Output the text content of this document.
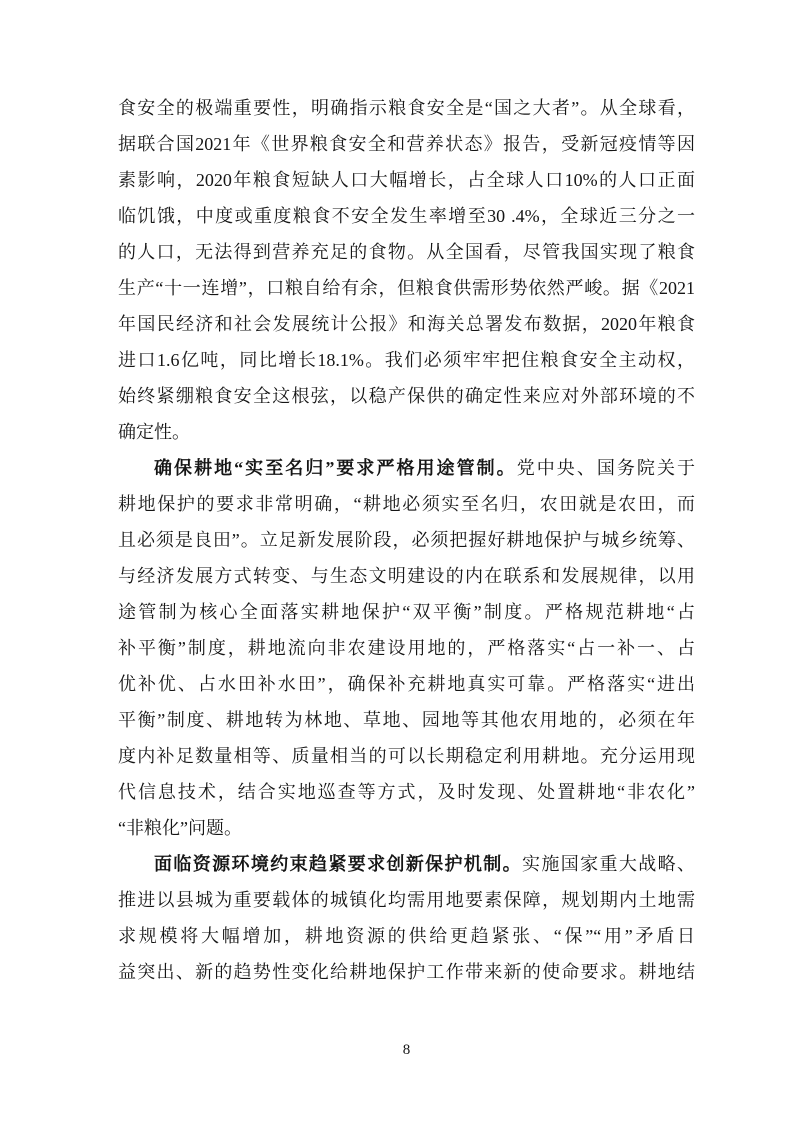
食安全的极端重要性，明确指示粮食安全是“国之大者”。从全球看，
据联合国2021年《世界粮食安全和营养状态》报告，受新冠疫情等因
素影响，2020年粮食短缺人口大幅增长，占全球人口10%的人口正面
临饥饿，中度或重度粮食不安全发生率增至30 .4%，全球近三分之一
的人口，无法得到营养充足的食物。从全国看，尽管我国实现了粮食
生产“十一连增”，口粮自给有余，但粮食供需形势依然严峻。据《2021
年国民经济和社会发展统计公报》和海关总署发布数据，2020年粮食
进口1.6亿吨，同比增长18.1%。我们必须牢牢把住粮食安全主动权，
始终紧绷粮食安全这根弦，以稳产保供的确定性来应对外部环境的不
确定性。
确保耕地“实至名归”要求严格用途管制。党中央、国务院关于
耕地保护的要求非常明确，“耕地必须实至名归，农田就是农田，而
且必须是良田”。立足新发展阶段，必须把握好耕地保护与城乡统筹、
与经济发展方式转变、与生态文明建设的内在联系和发展规律，以用
途管制为核心全面落实耕地保护“双平衡”制度。严格规范耕地“占
补平衡”制度，耕地流向非农建设用地的，严格落实“占一补一、占
优补优、占水田补水田”，确保补充耕地真实可靠。严格落实“进出
平衡”制度、耕地转为林地、草地、园地等其他农用地的，必须在年
度内补足数量相等、质量相当的可以长期稳定利用耕地。充分运用现
代信息技术，结合实地巡查等方式，及时发现、处置耕地“非农化”
“非粮化”问题。
面临资源环境约束趋紧要求创新保护机制。实施国家重大战略、
推进以县城为重要载体的城镇化均需用地要素保障，规划期内土地需
求规模将大幅增加，耕地资源的供给更趋紧张、“保”“用”矛盾日
益突出、新的趋势性变化给耕地保护工作带来新的使命要求。耕地结
8
